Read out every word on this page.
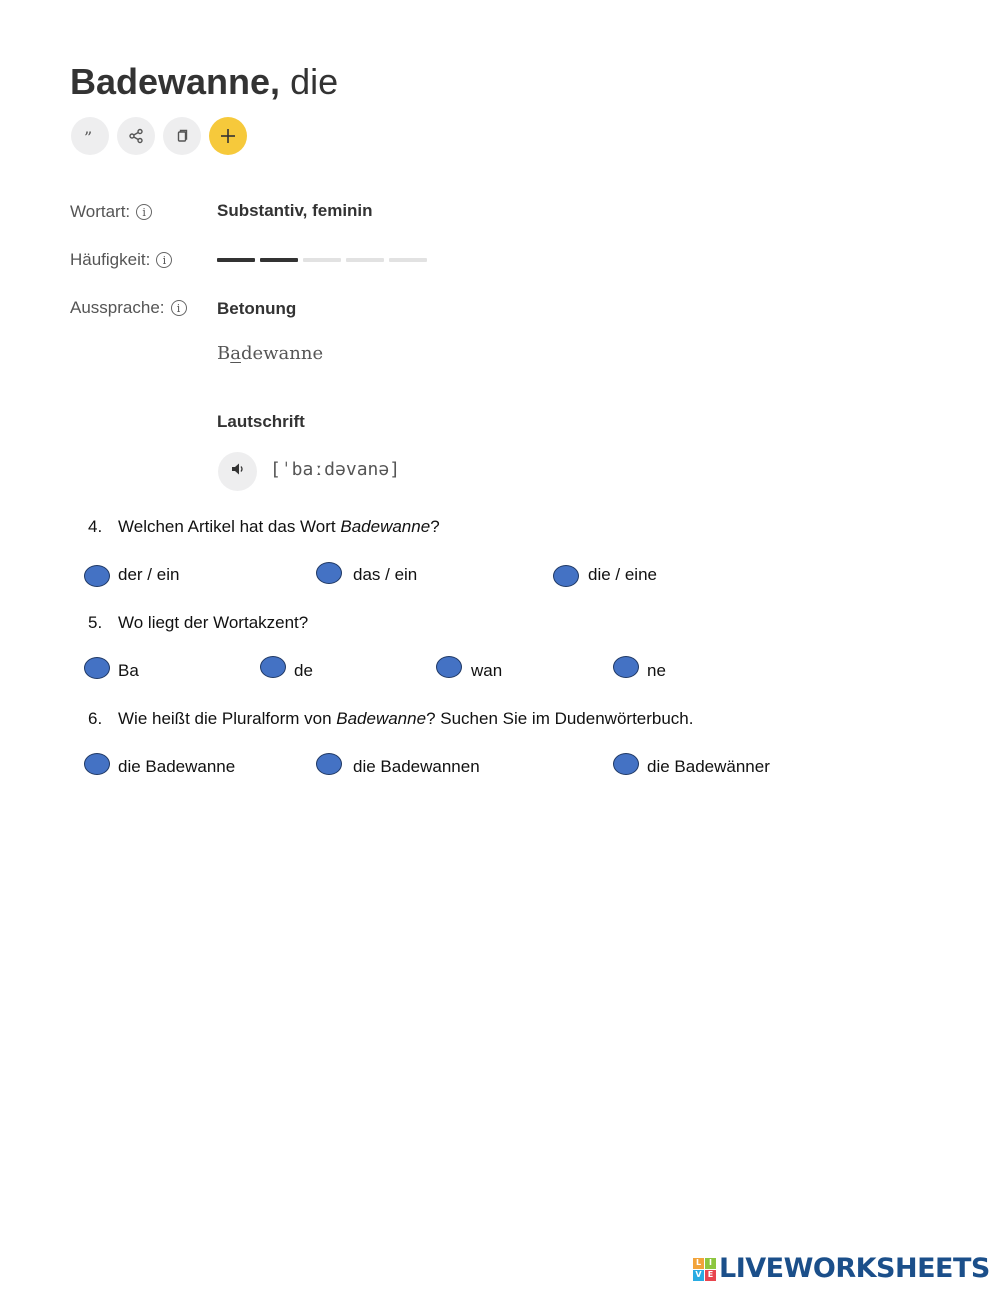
Badewanne, die
”
Wortart:	i	Substantiv, feminin
Häufigkeit:	i
Aussprache:	i	Betonung
Badewanne
Lautschrift
[ˈbaːdəvanə]
4. Welchen Artikel hat das Wort Badewanne?
der / ein	das / ein	die / eine
5. Wo liegt der Wortakzent?
Ba	de	wan	ne
6. Wie heißt die Pluralform von Badewanne? Suchen Sie im Dudenwörterbuch.
die Badewanne	die Badewannen	die Badewänner
L I
V E LIVEWORKSHEETS
